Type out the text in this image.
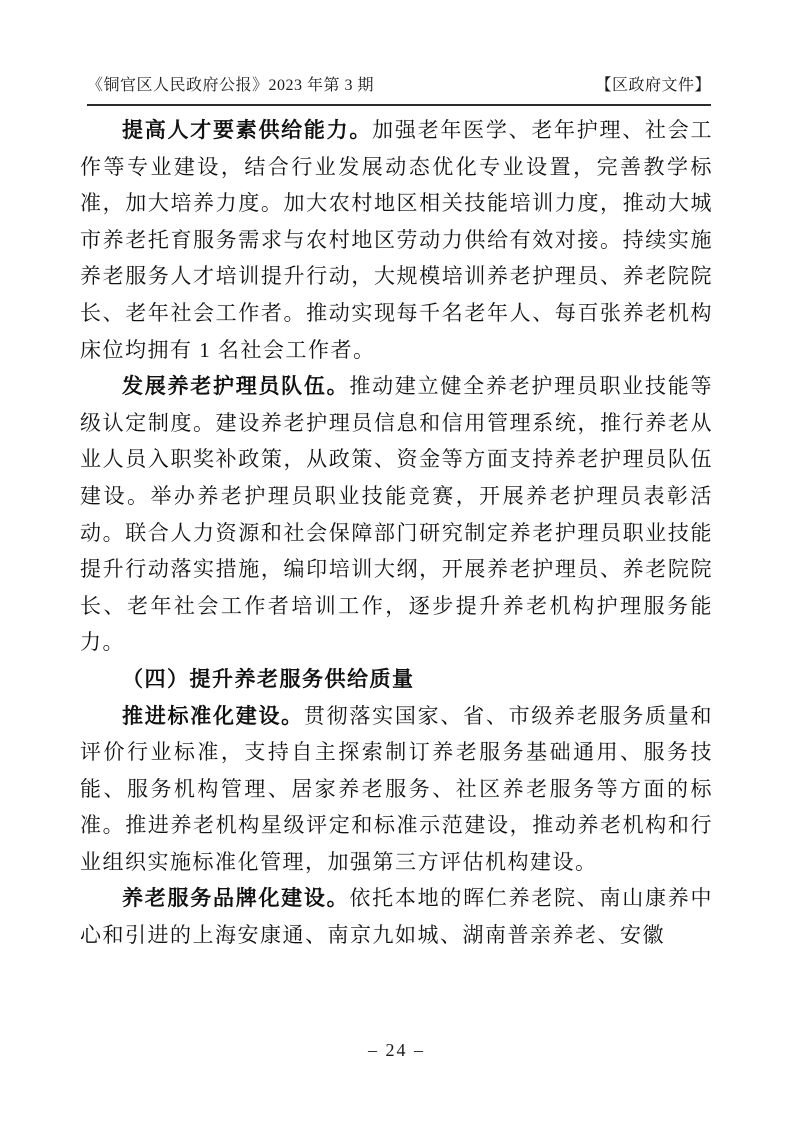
《铜官区人民政府公报》2023 年第 3 期	【区政府文件】

提高人才要素供给能力。加强老年医学、老年护理、社会工作等专业建设，结合行业发展动态优化专业设置，完善教学标准，加大培养力度。加大农村地区相关技能培训力度，推动大城市养老托育服务需求与农村地区劳动力供给有效对接。持续实施养老服务人才培训提升行动，大规模培训养老护理员、养老院院长、老年社会工作者。推动实现每千名老年人、每百张养老机构床位均拥有 1 名社会工作者。

发展养老护理员队伍。推动建立健全养老护理员职业技能等级认定制度。建设养老护理员信息和信用管理系统，推行养老从业人员入职奖补政策，从政策、资金等方面支持养老护理员队伍建设。举办养老护理员职业技能竞赛，开展养老护理员表彰活动。联合人力资源和社会保障部门研究制定养老护理员职业技能提升行动落实措施，编印培训大纲，开展养老护理员、养老院院长、老年社会工作者培训工作，逐步提升养老机构护理服务能力。

（四）提升养老服务供给质量

推进标准化建设。贯彻落实国家、省、市级养老服务质量和评价行业标准，支持自主探索制订养老服务基础通用、服务技能、服务机构管理、居家养老服务、社区养老服务等方面的标准。推进养老机构星级评定和标准示范建设，推动养老机构和行业组织实施标准化管理，加强第三方评估机构建设。

养老服务品牌化建设。依托本地的晖仁养老院、南山康养中心和引进的上海安康通、南京九如城、湖南普亲养老、安徽

– 24 –
